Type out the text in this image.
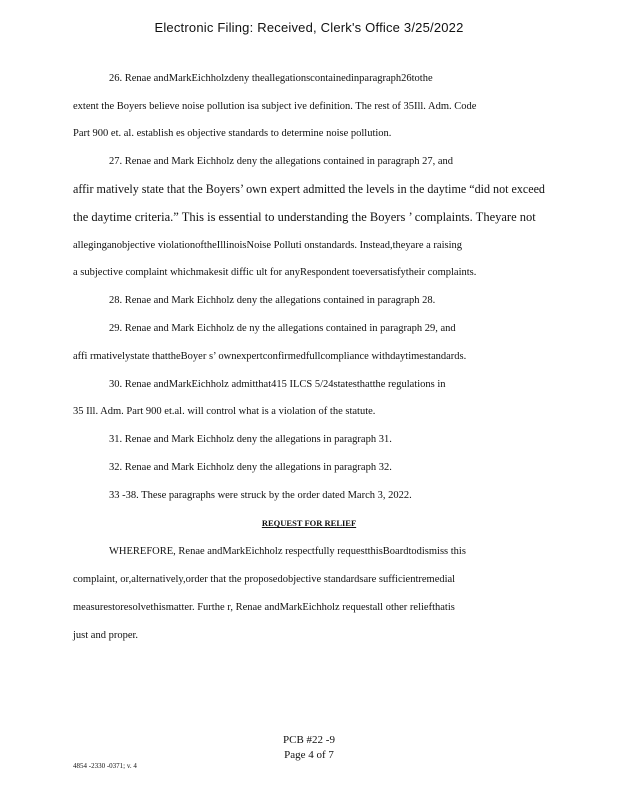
Electronic Filing: Received, Clerk's Office 3/25/2022
26. Renae andMarkEichholzdeny theallegationscontainedinparagraph26tothe
extent the Boyers believe noise pollution isa subject ive definition. The rest of 35Ill. Adm. Code
Part 900 et. al. establish es objective standards to determine noise pollution.
27. Renae and Mark Eichholz deny the allegations contained in paragraph 27, and
affir matively state that the Boyers’ own expert admitted the levels in the daytime “did not exceed
the daytime criteria.” This is essential to understanding the Boyers ’ complaints. Theyare not
alleginganobjective violationoftheIllinoisNoise Polluti onstandards. Instead,theyare a raising
a subjective complaint whichmakesit diffic ult for anyRespondent toeversatisfytheir complaints.
28. Renae and Mark Eichholz deny the allegations contained in paragraph 28.
29. Renae and Mark Eichholz de ny the allegations contained in paragraph 29, and
affi rmativelystate thattheBoyer s’ ownexpertconfirmedfullcompliance withdaytimestandards.
30. Renae andMarkEichholz admitthat415 ILCS 5/24statesthatthe regulations in
35 Ill. Adm. Part 900 et.al. will control what is a violation of the statute.
31. Renae and Mark Eichholz deny the allegations in paragraph 31.
32. Renae and Mark Eichholz deny the allegations in paragraph 32.
33 -38. These paragraphs were struck by the order dated March 3, 2022.
REQUEST FOR RELIEF
WHEREFORE, Renae andMarkEichholz respectfully requestthisBoardtodismiss this
complaint, or,alternatively,order that the proposedobjective standardsare sufficientremedial
measurestoresolvethismatter. Furthe r, Renae andMarkEichholz requestall other reliefthatis
just and proper.
PCB #22 -9
Page 4 of 7
4854 -2330 -0371; v. 4
